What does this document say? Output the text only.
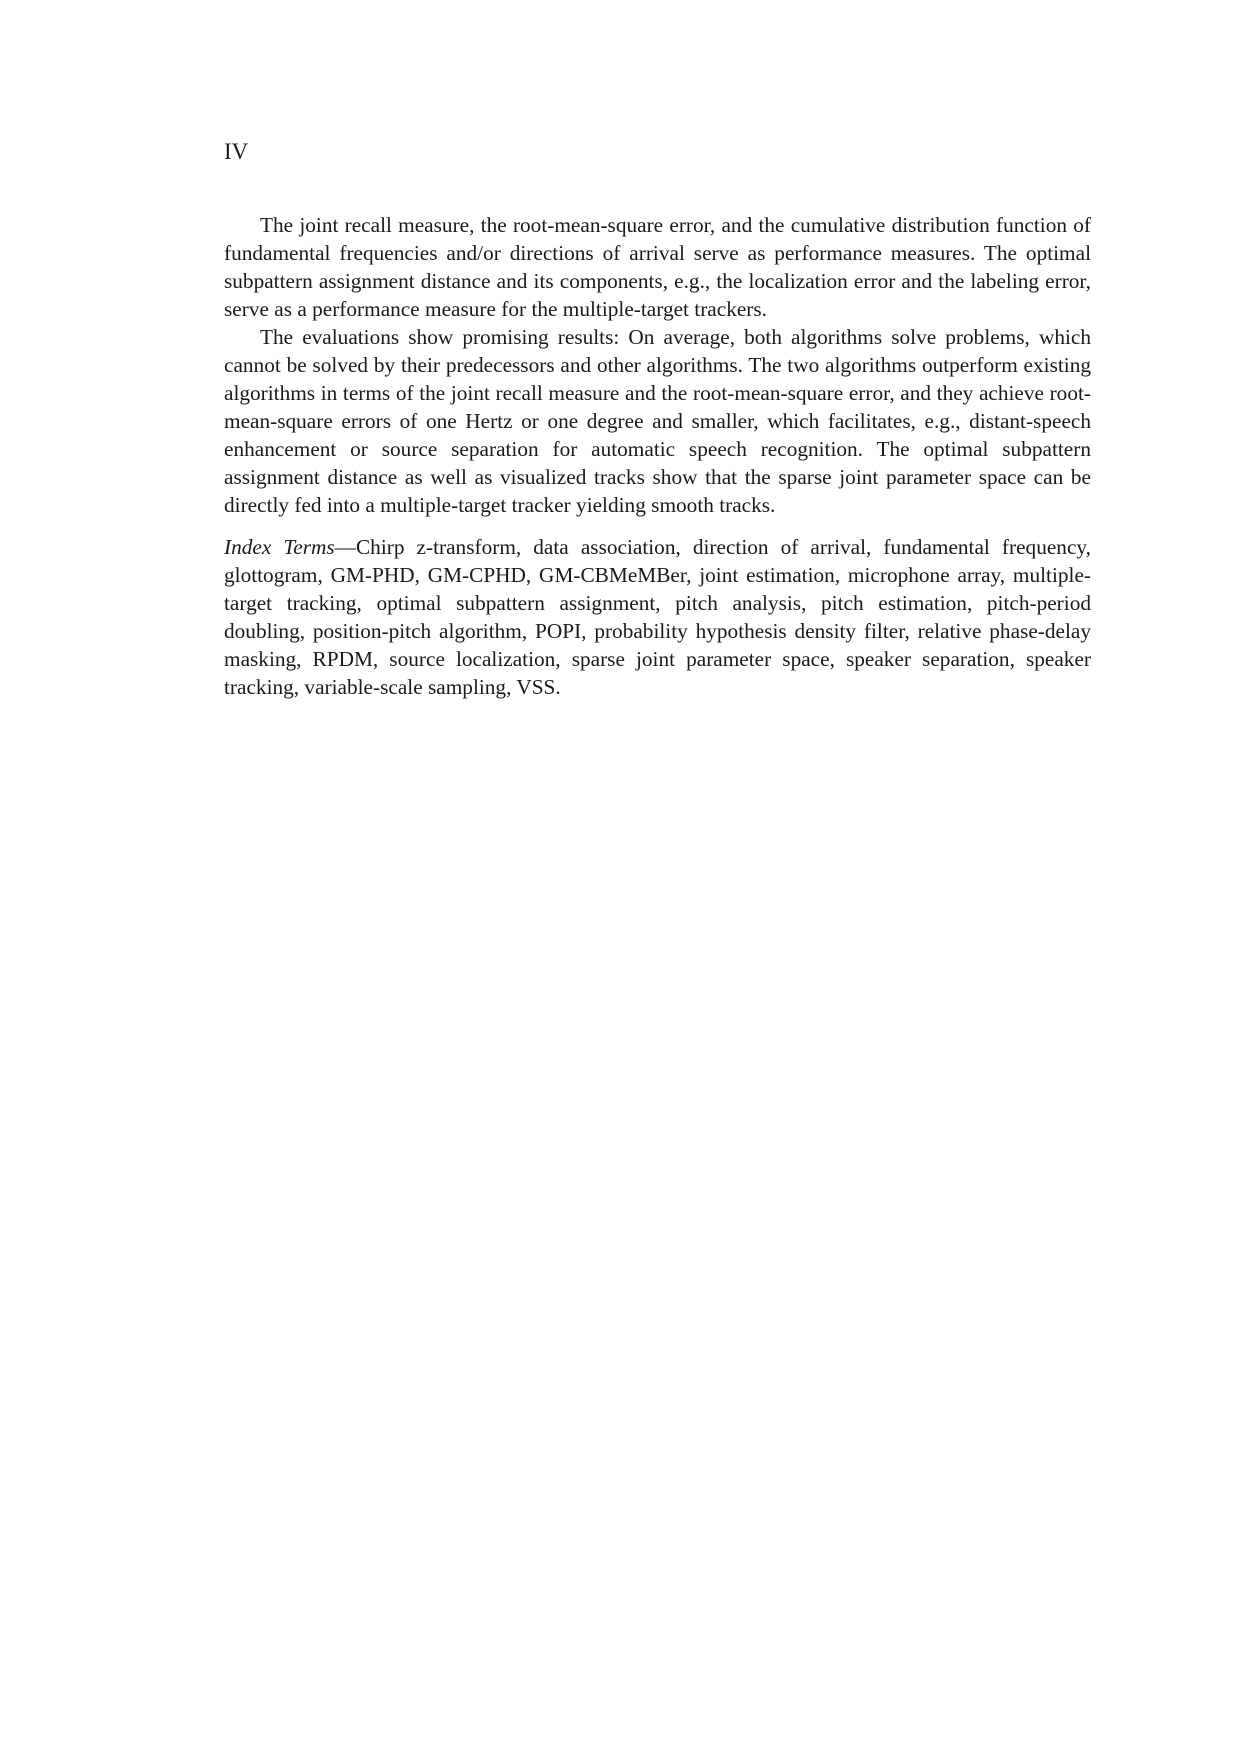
IV

The joint recall measure, the root-mean-square error, and the cumulative distribution function of fundamental frequencies and/or directions of arrival serve as performance measures. The optimal subpattern assignment distance and its components, e.g., the localization error and the labeling error, serve as a performance measure for the multiple-target trackers.

The evaluations show promising results: On average, both algorithms solve problems, which cannot be solved by their predecessors and other algorithms. The two algorithms outperform existing algorithms in terms of the joint recall measure and the root-mean-square error, and they achieve root-mean-square errors of one Hertz or one degree and smaller, which facilitates, e.g., distant-speech enhancement or source separation for automatic speech recognition. The optimal subpattern assignment distance as well as visualized tracks show that the sparse joint parameter space can be directly fed into a multiple-target tracker yielding smooth tracks.

Index Terms—Chirp z-transform, data association, direction of arrival, fundamental frequency, glottogram, GM-PHD, GM-CPHD, GM-CBMeMBer, joint estimation, microphone array, multiple-target tracking, optimal subpattern assignment, pitch analysis, pitch estimation, pitch-period doubling, position-pitch algorithm, POPI, probability hypothesis density filter, relative phase-delay masking, RPDM, source localization, sparse joint parameter space, speaker separation, speaker tracking, variable-scale sampling, VSS.
